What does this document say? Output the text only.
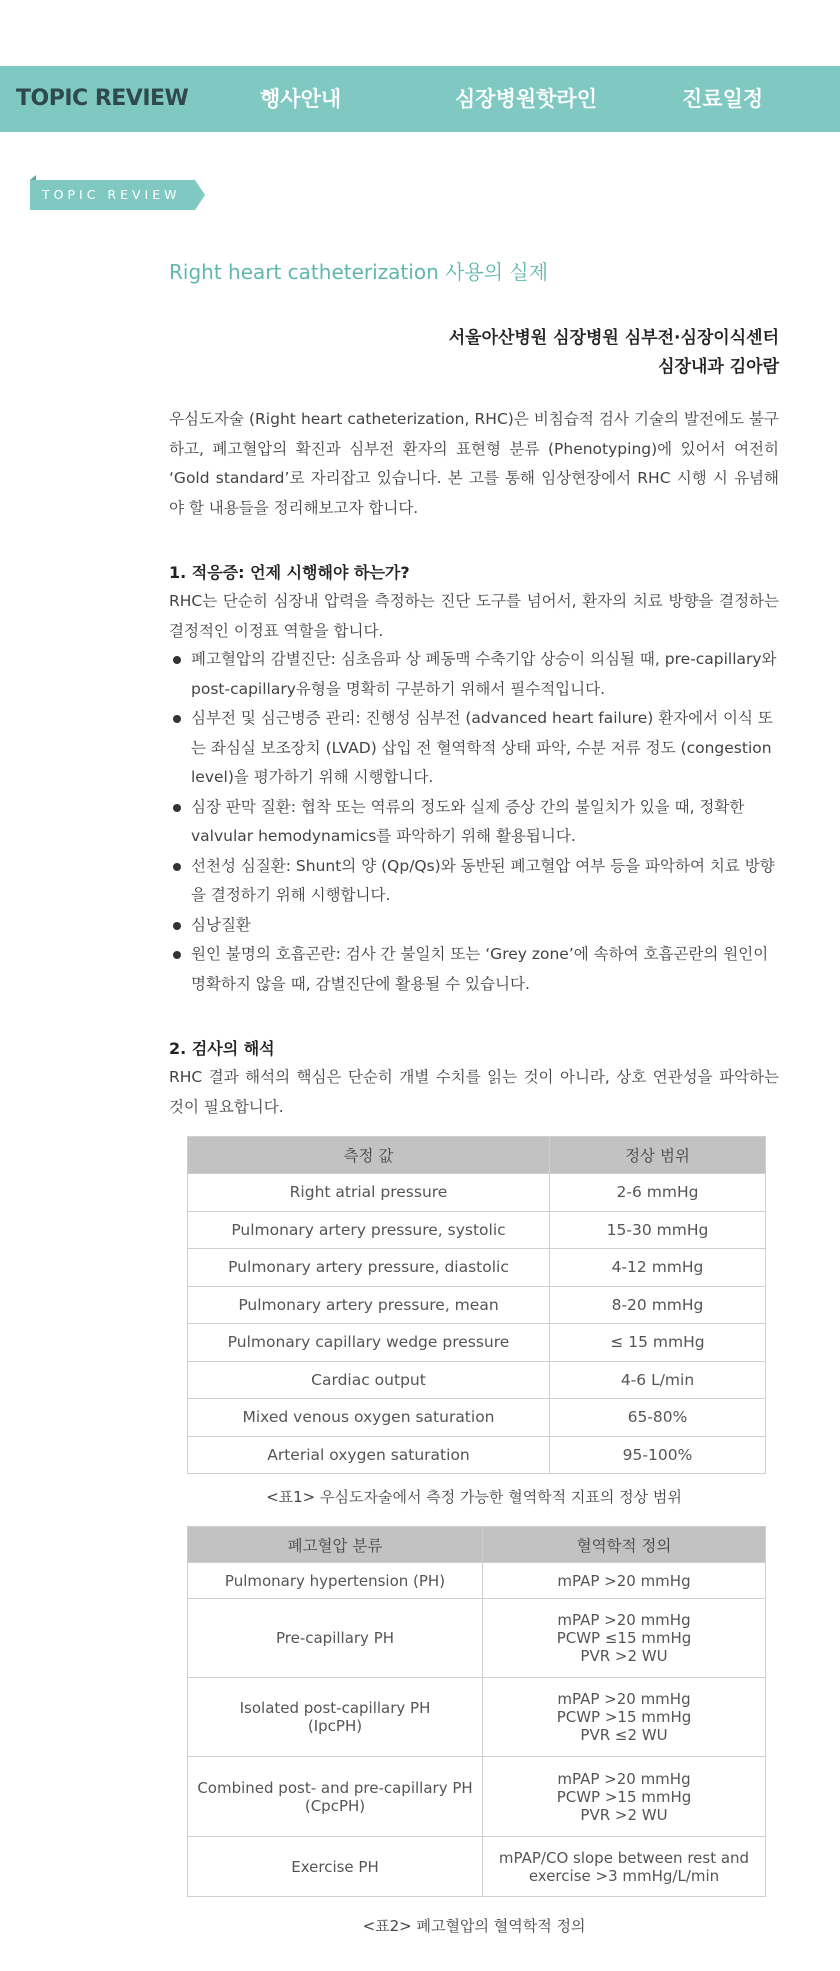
TOPIC REVIEW	행사안내	심장병원핫라인	진료일정
TOPIC REVIEW
Right heart catheterization 사용의 실제
서울아산병원 심장병원 심부전·심장이식센터
심장내과 김아람
우심도자술 (Right heart catheterization, RHC)은 비침습적 검사 기술의 발전에도 불구하고, 폐고혈압의 확진과 심부전 환자의 표현형 분류 (Phenotyping)에 있어서 여전히 ‘Gold standard’로 자리잡고 있습니다. 본 고를 통해 임상현장에서 RHC 시행 시 유념해야 할 내용들을 정리해보고자 합니다.
1. 적응증: 언제 시행해야 하는가?
RHC는 단순히 심장내 압력을 측정하는 진단 도구를 넘어서, 환자의 치료 방향을 결정하는 결정적인 이정표 역할을 합니다.
폐고혈압의 감별진단: 심초음파 상 폐동맥 수축기압 상승이 의심될 때, pre-capillary와 post-capillary유형을 명확히 구분하기 위해서 필수적입니다.
심부전 및 심근병증 관리: 진행성 심부전 (advanced heart failure) 환자에서 이식 또는 좌심실 보조장치 (LVAD) 삽입 전 혈역학적 상태 파악, 수분 저류 정도 (congestion level)을 평가하기 위해 시행합니다.
심장 판막 질환: 협착 또는 역류의 정도와 실제 증상 간의 불일치가 있을 때, 정확한 valvular hemodynamics를 파악하기 위해 활용됩니다.
선천성 심질환: Shunt의 양 (Qp/Qs)와 동반된 폐고혈압 여부 등을 파악하여 치료 방향을 결정하기 위해 시행합니다.
심낭질환
원인 불명의 호흡곤란: 검사 간 불일치 또는 ‘Grey zone’에 속하여 호흡곤란의 원인이 명확하지 않을 때, 감별진단에 활용될 수 있습니다.
2. 검사의 해석
RHC 결과 해석의 핵심은 단순히 개별 수치를 읽는 것이 아니라, 상호 연관성을 파악하는 것이 필요합니다.
측정 값	정상 범위
Right atrial pressure	2-6 mmHg
Pulmonary artery pressure, systolic	15-30 mmHg
Pulmonary artery pressure, diastolic	4-12 mmHg
Pulmonary artery pressure, mean	8-20 mmHg
Pulmonary capillary wedge pressure	≤ 15 mmHg
Cardiac output	4-6 L/min
Mixed venous oxygen saturation	65-80%
Arterial oxygen saturation	95-100%
<표1> 우심도자술에서 측정 가능한 혈역학적 지표의 정상 범위
폐고혈압 분류	혈역학적 정의
Pulmonary hypertension (PH)	mPAP >20 mmHg
Pre-capillary PH	mPAP >20 mmHg
PCWP ≤15 mmHg
PVR >2 WU
Isolated post-capillary PH
(IpcPH)	mPAP >20 mmHg
PCWP >15 mmHg
PVR ≤2 WU
Combined post- and pre-capillary PH
(CpcPH)	mPAP >20 mmHg
PCWP >15 mmHg
PVR >2 WU
Exercise PH	mPAP/CO slope between rest and
exercise >3 mmHg/L/min
<표2> 폐고혈압의 혈역학적 정의
